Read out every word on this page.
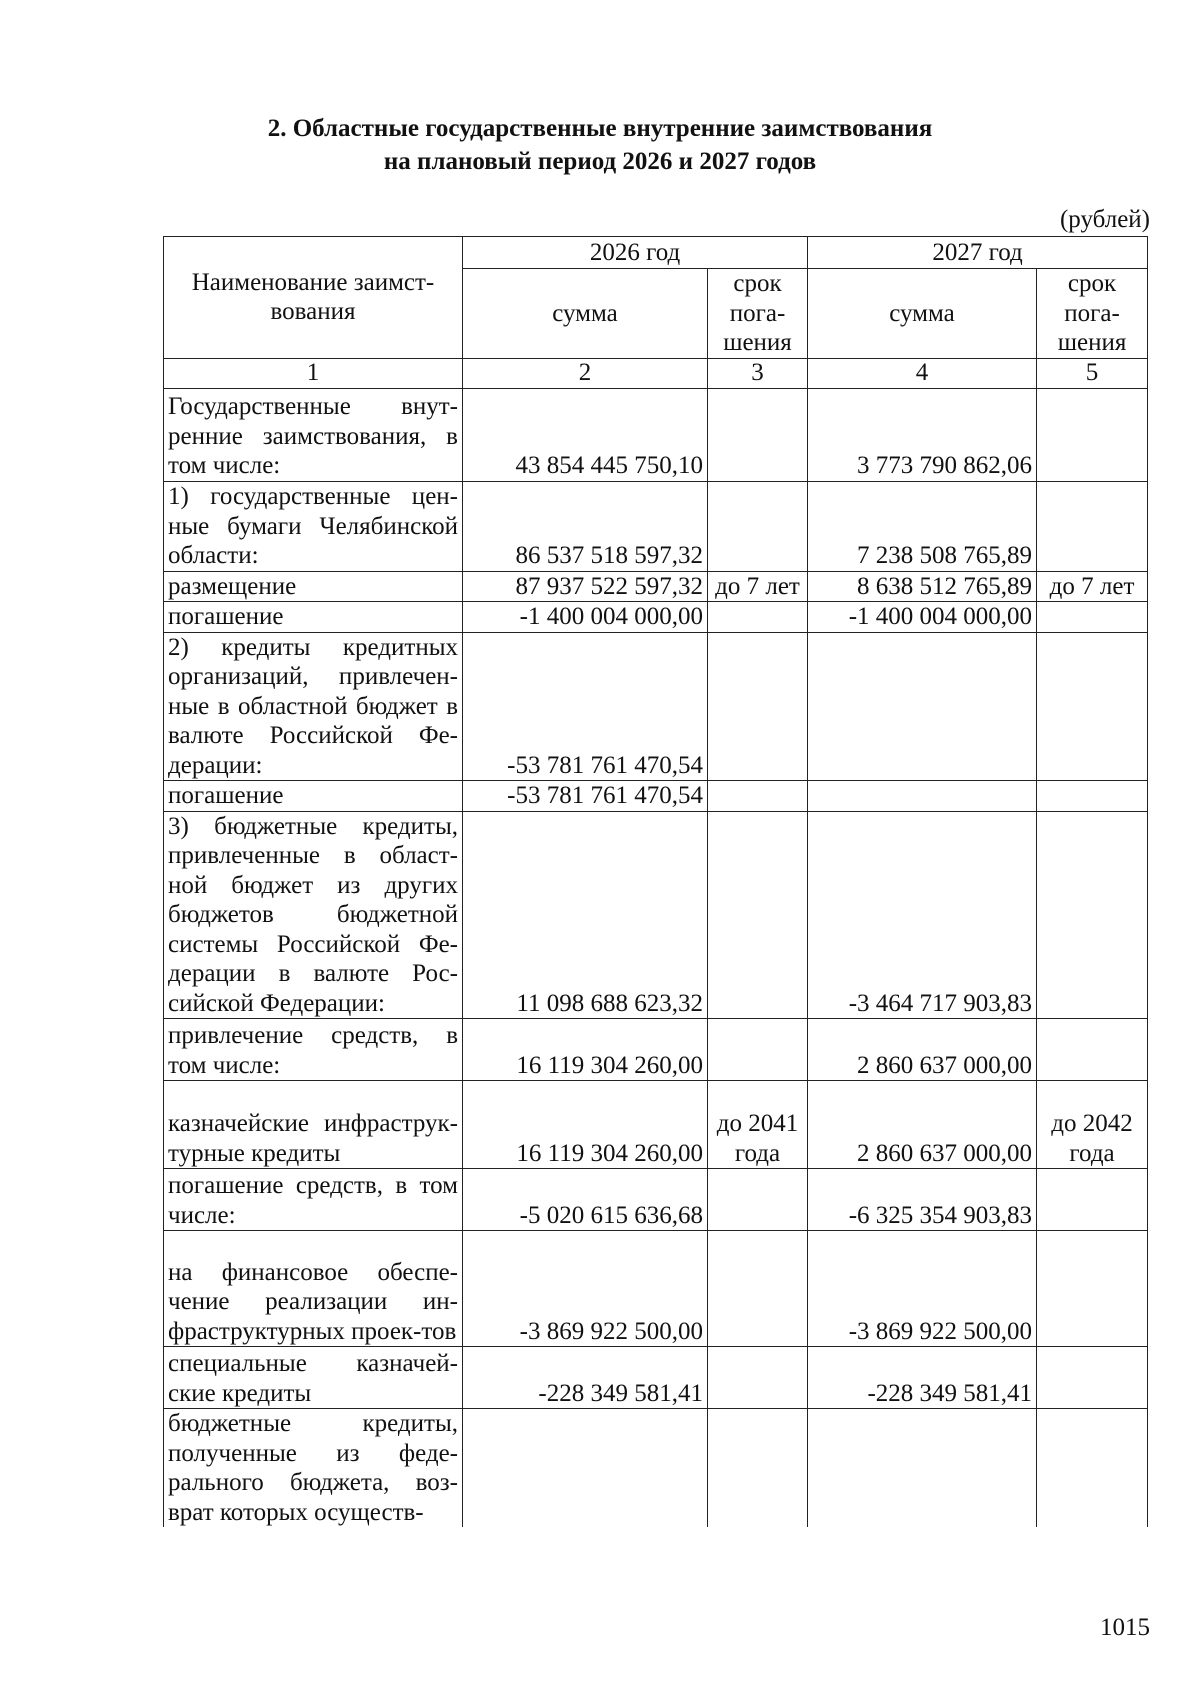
2. Областные государственные внутренние заимствования
на плановый период 2026 и 2027 годов
(рублей)
Наименование заимст-вования	2026 год		2027 год	
	сумма	срок пога-шения	сумма	срок пога-шения
1	2	3	4	5
Государственные внут-ренние заимствования, в том числе:	43 854 445 750,10		3 773 790 862,06	
1) государственные цен-ные бумаги Челябинской области:	86 537 518 597,32		7 238 508 765,89	
размещение	87 937 522 597,32	до 7 лет	8 638 512 765,89	до 7 лет
погашение	-1 400 004 000,00		-1 400 004 000,00	
2) кредиты кредитных организаций, привлечен-ные в областной бюджет в валюте Российской Фе-дерации:	-53 781 761 470,54			
погашение	-53 781 761 470,54			
3) бюджетные кредиты, привлеченные в област-ной бюджет из других бюджетов бюджетной системы Российской Фе-дерации в валюте Рос-сийской Федерации:	11 098 688 623,32		-3 464 717 903,83	
привлечение средств, в том числе:	16 119 304 260,00		2 860 637 000,00	
казначейские инфраструк-турные кредиты	16 119 304 260,00	до 2041 года	2 860 637 000,00	до 2042 года
погашение средств, в том числе:	-5 020 615 636,68		-6 325 354 903,83	
на финансовое обеспе-чение реализации ин-фраструктурных проек-тов	-3 869 922 500,00		-3 869 922 500,00	
специальные казначей-ские кредиты	-228 349 581,41		-228 349 581,41	
бюджетные кредиты, полученные из феде-рального бюджета, воз-врат которых осуществ-				
1015
